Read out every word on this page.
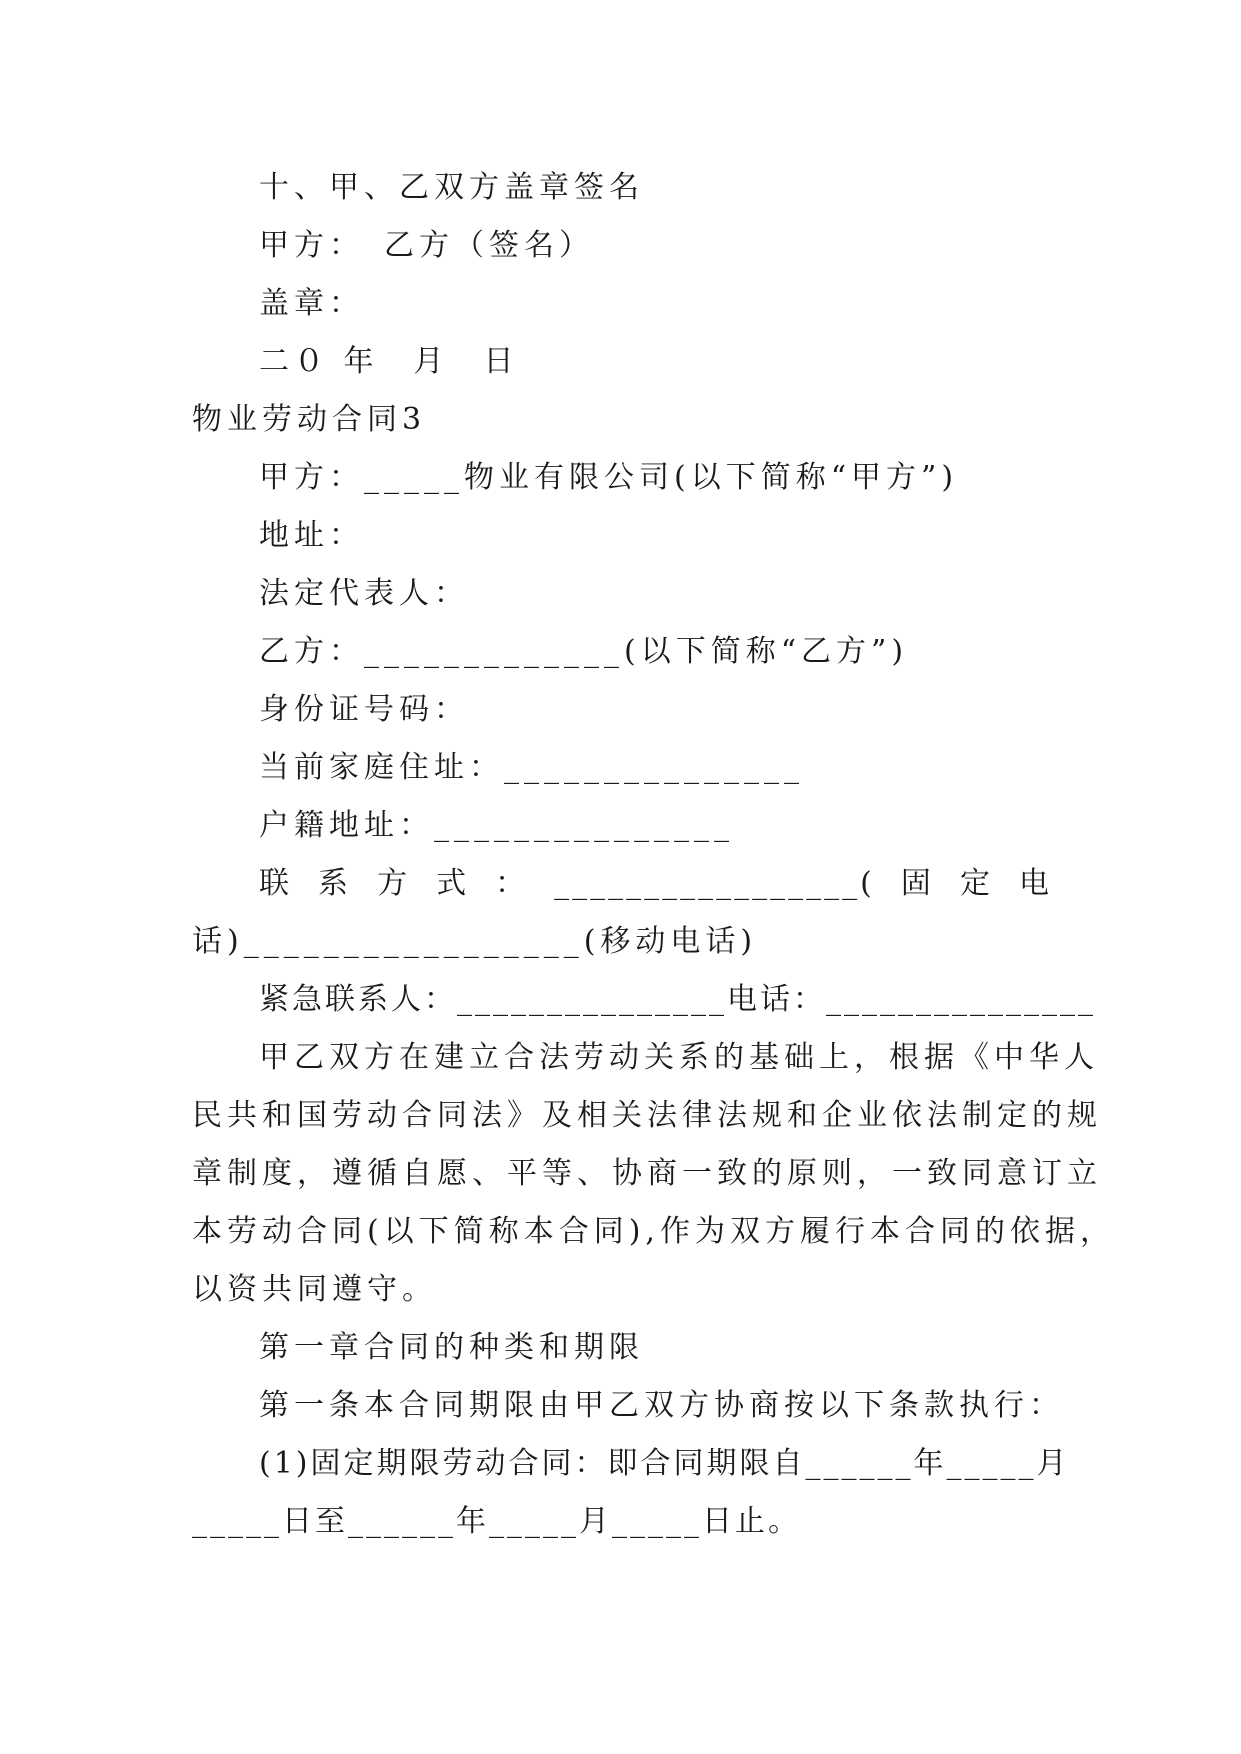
十、甲、乙双方盖章签名
甲方：　乙方（签名）
盖章：
二０ 年　月　日
物业劳动合同3
甲方：_____物业有限公司(以下简称“甲方”)
地址：
法定代表人：
乙方：_____________(以下简称“乙方”)
身份证号码：
当前家庭住址：_______________
户籍地址：_______________
联系方式：_________________(固定电
话)_________________(移动电话)
紧急联系人：_______________电话：_______________
甲乙双方在建立合法劳动关系的基础上，根据《中华人
民共和国劳动合同法》及相关法律法规和企业依法制定的规
章制度，遵循自愿、平等、协商一致的原则，一致同意订立
本劳动合同(以下简称本合同),作为双方履行本合同的依据，
以资共同遵守。
第一章合同的种类和期限
第一条本合同期限由甲乙双方协商按以下条款执行：
(1)固定期限劳动合同：即合同期限自______年_____月
_____日至______年_____月_____日止。
